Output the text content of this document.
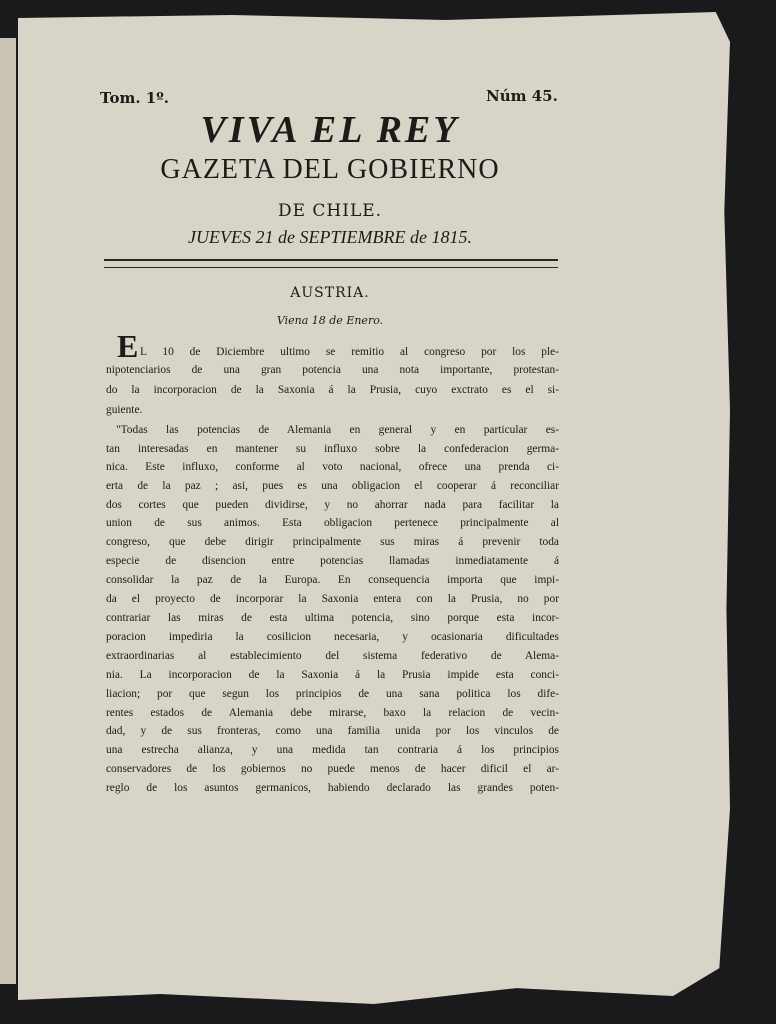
Tom. 1º.	Núm 45.
VIVA EL REY
GAZETA DEL GOBIERNO
DE CHILE.
JUEVES 21 de SEPTIEMBRE de 1815.
AUSTRIA.
Viena 18 de Enero.
E L 10 de Diciembre ultimo se remitio al congreso por los ple-
nipotenciarios de una gran potencia una nota importante, protestan-
do la incorporacion de la Saxonia á la Prusia, cuyo exctrato es el si-
guiente.
"Todas las potencias de Alemania en general y en particular es-
tan interesadas en mantener su influxo sobre la confederacion germa-
nica. Este influxo, conforme al voto nacional, ofrece una prenda ci-
erta de la paz ; asi, pues es una obligacion el cooperar á reconciliar
dos cortes que pueden dividirse, y no ahorrar nada para facilitar la
union de sus animos. Esta obligacion pertenece principalmente al
congreso, que debe dirigir principalmente sus miras á prevenir toda
especie de disencion entre potencias llamadas inmediatamente á
consolidar la paz de la Europa. En consequencia importa que impi-
da el proyecto de incorporar la Saxonia entera con la Prusia, no por
contrariar las miras de esta ultima potencia, sino porque esta incor-
poracion impediria la cosilicion necesaria, y ocasionaria dificultades
extraordinarias al establecimiento del sistema federativo de Alema-
nia. La incorporacion de la Saxonia á la Prusia impide esta conci-
liacion; por que segun los principios de una sana politica los dife-
rentes estados de Alemania debe mirarse, baxo la relacion de vecin-
dad, y de sus fronteras, como una familia unida por los vinculos de
una estrecha alianza, y una medida tan contraria á los principios
conservadores de los gobiernos no puede menos de hacer dificil el ar-
reglo de los asuntos germanicos, habiendo declarado las grandes poten-
